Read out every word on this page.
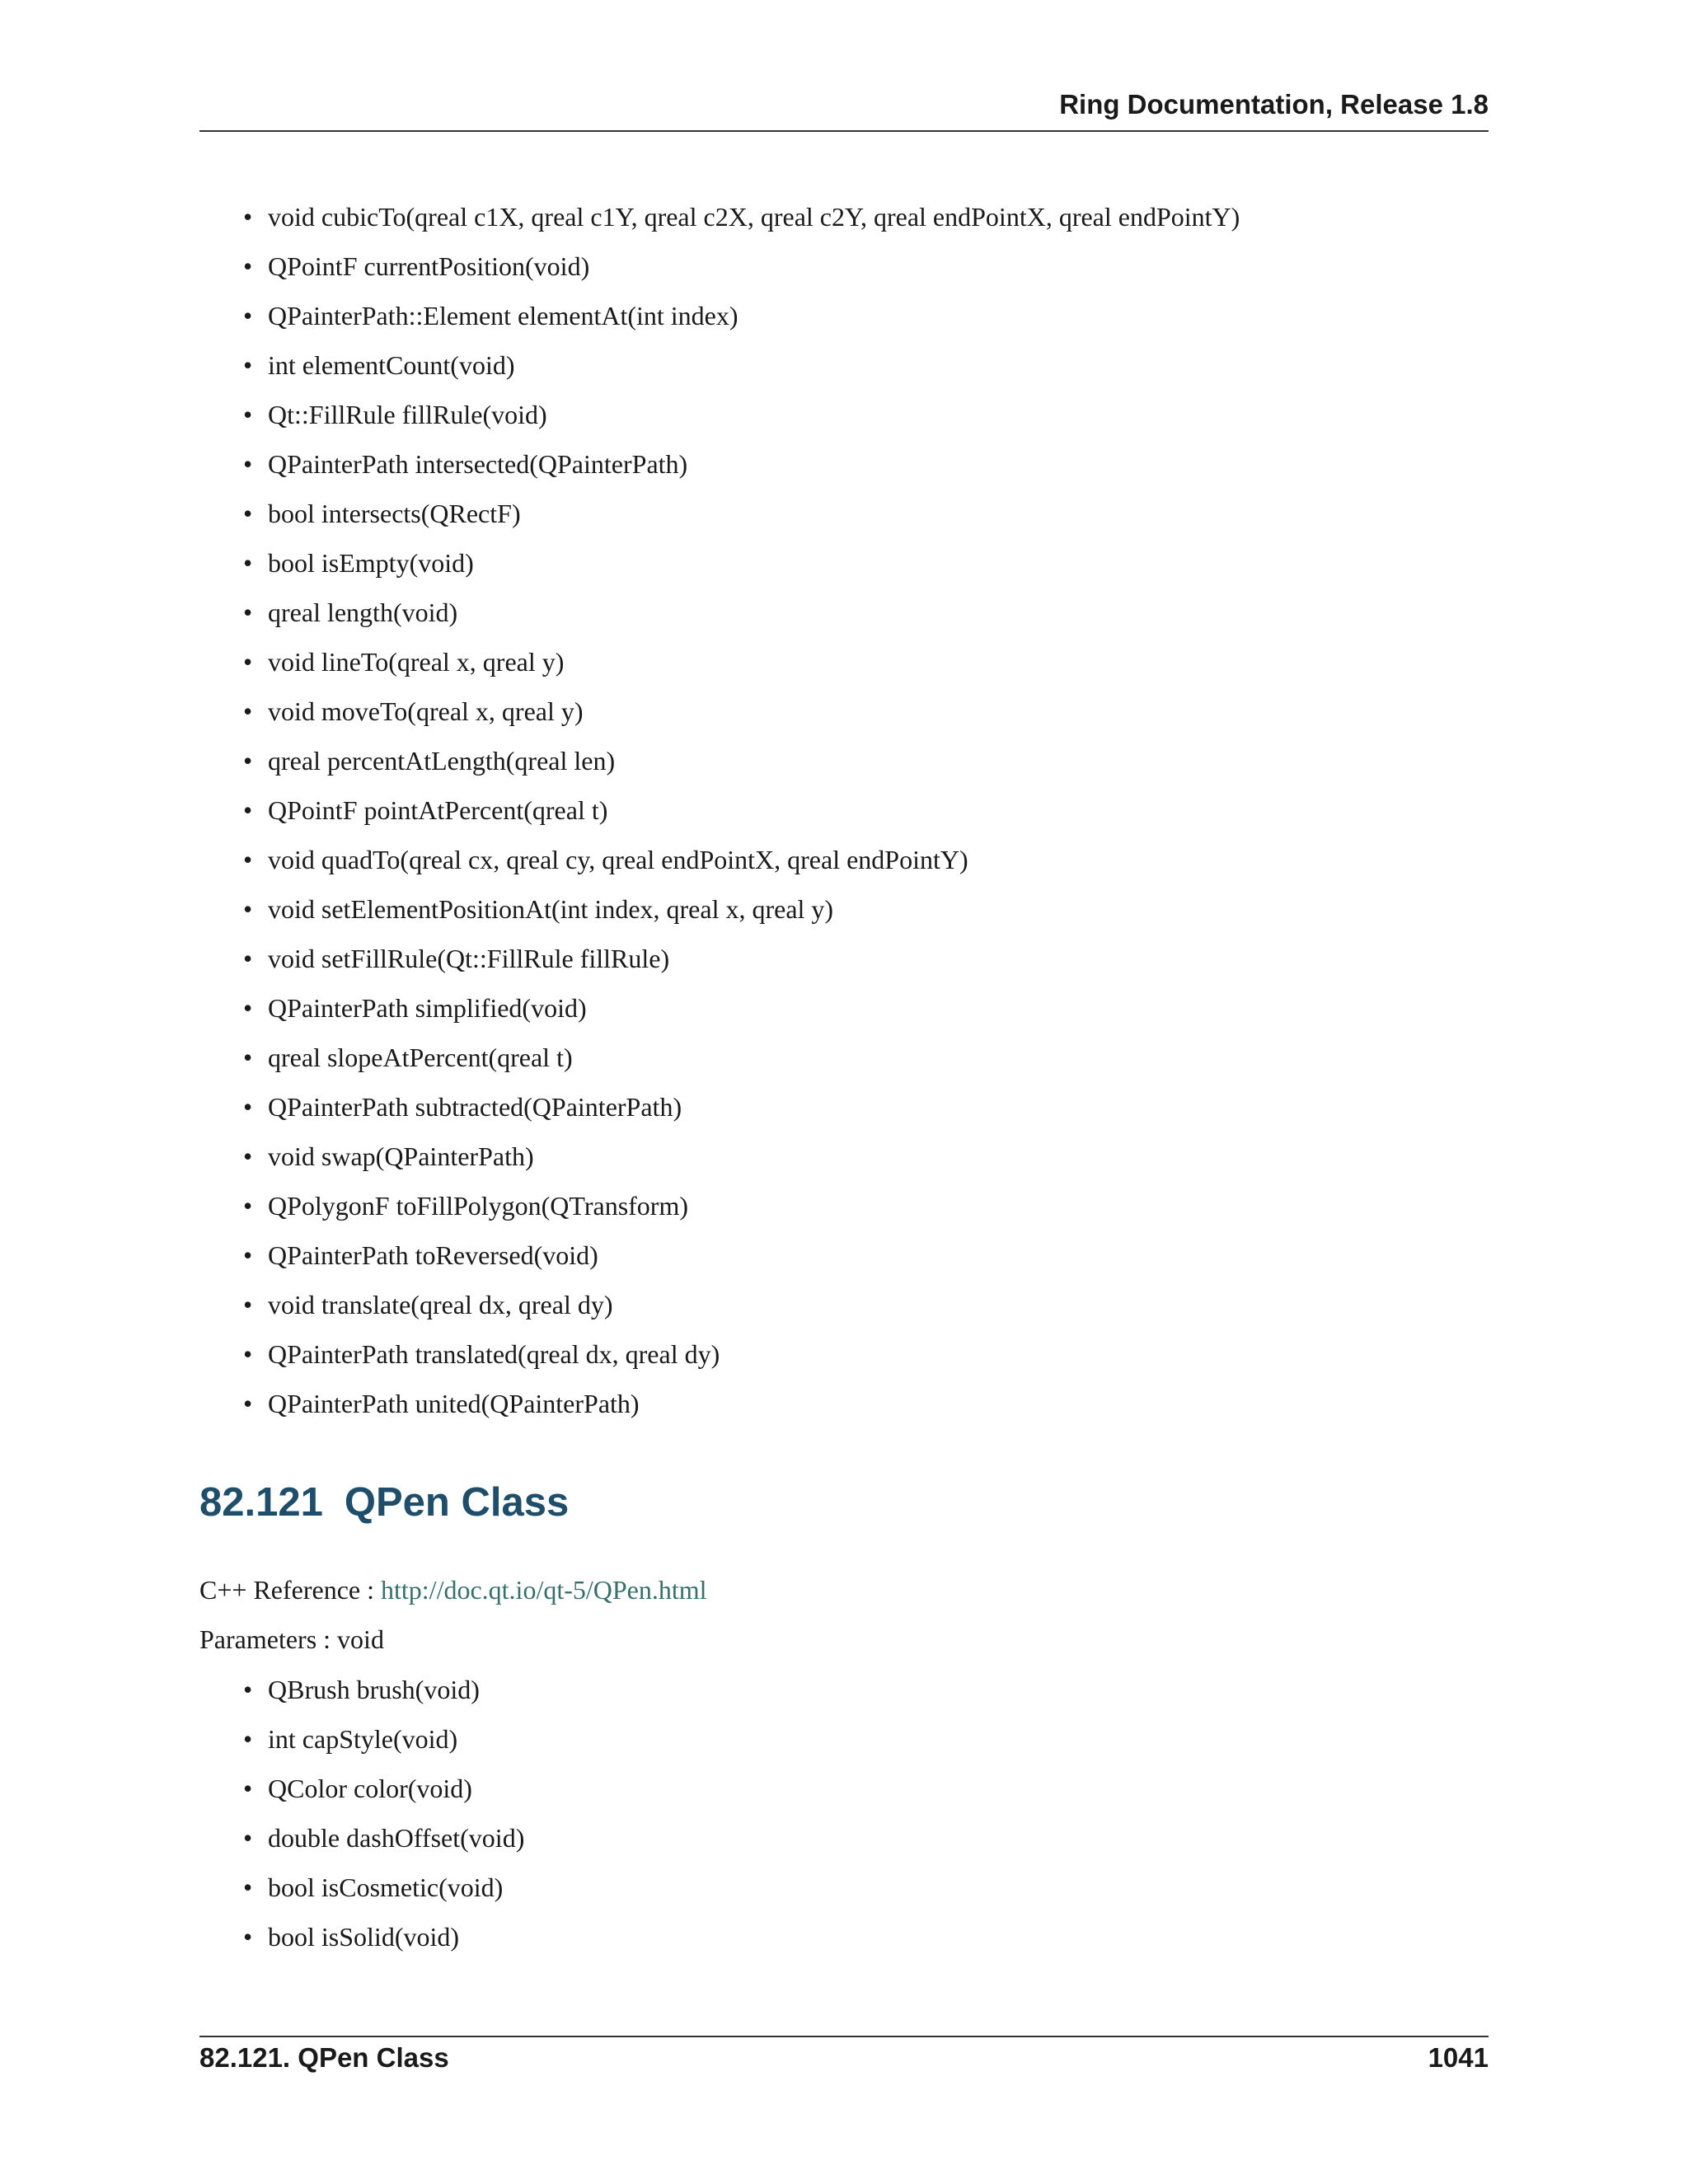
Ring Documentation, Release 1.8
• void cubicTo(qreal c1X, qreal c1Y, qreal c2X, qreal c2Y, qreal endPointX, qreal endPointY)
• QPointF currentPosition(void)
• QPainterPath::Element elementAt(int index)
• int elementCount(void)
• Qt::FillRule fillRule(void)
• QPainterPath intersected(QPainterPath)
• bool intersects(QRectF)
• bool isEmpty(void)
• qreal length(void)
• void lineTo(qreal x, qreal y)
• void moveTo(qreal x, qreal y)
• qreal percentAtLength(qreal len)
• QPointF pointAtPercent(qreal t)
• void quadTo(qreal cx, qreal cy, qreal endPointX, qreal endPointY)
• void setElementPositionAt(int index, qreal x, qreal y)
• void setFillRule(Qt::FillRule fillRule)
• QPainterPath simplified(void)
• qreal slopeAtPercent(qreal t)
• QPainterPath subtracted(QPainterPath)
• void swap(QPainterPath)
• QPolygonF toFillPolygon(QTransform)
• QPainterPath toReversed(void)
• void translate(qreal dx, qreal dy)
• QPainterPath translated(qreal dx, qreal dy)
• QPainterPath united(QPainterPath)
82.121 QPen Class
C++ Reference : http://doc.qt.io/qt-5/QPen.html
Parameters : void
• QBrush brush(void)
• int capStyle(void)
• QColor color(void)
• double dashOffset(void)
• bool isCosmetic(void)
• bool isSolid(void)
82.121. QPen Class	1041
